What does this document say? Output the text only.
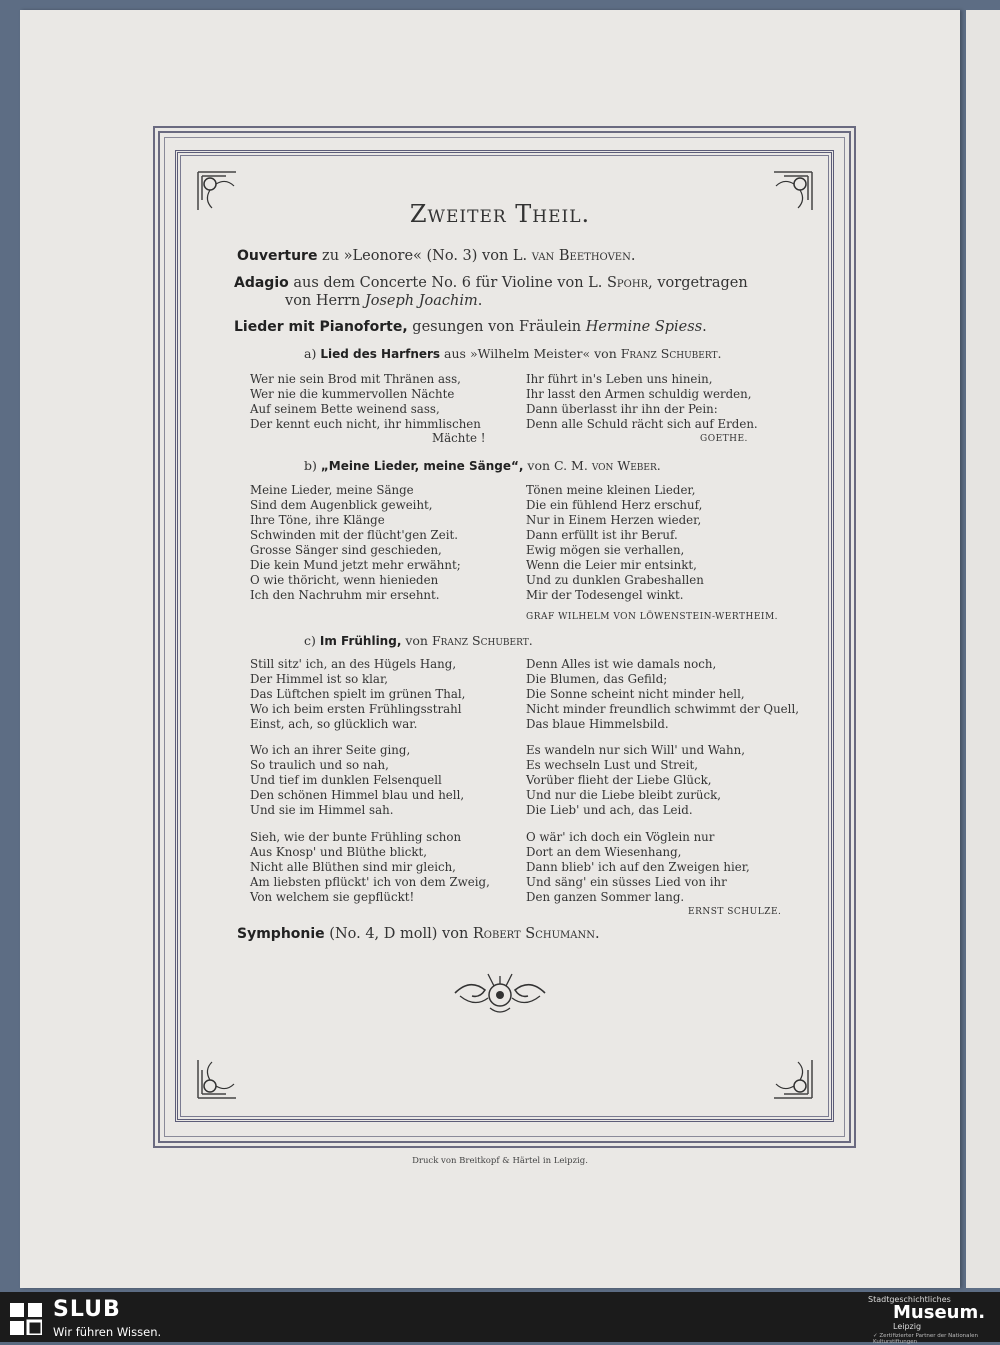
Zweiter Theil.
Ouverture zu »Leonore« (No. 3) von L. van Beethoven.
Adagio aus dem Concerte No. 6 für Violine von L. Spohr, vorgetragen
von Herrn Joseph Joachim.
Lieder mit Pianoforte, gesungen von Fräulein Hermine Spiess.
a) Lied des Harfners aus »Wilhelm Meister« von Franz Schubert.
Wer nie sein Brod mit Thränen ass,
Wer nie die kummervollen Nächte
Auf seinem Bette weinend sass,
Der kennt euch nicht, ihr himmlischen
Mächte !
Ihr führt in's Leben uns hinein,
Ihr lasst den Armen schuldig werden,
Dann überlasst ihr ihn der Pein:
Denn alle Schuld rächt sich auf Erden.
GOETHE.
b) „Meine Lieder, meine Sänge“, von C. M. von Weber.
Meine Lieder, meine Sänge
Sind dem Augenblick geweiht,
Ihre Töne, ihre Klänge
Schwinden mit der flücht'gen Zeit.
Grosse Sänger sind geschieden,
Die kein Mund jetzt mehr erwähnt;
O wie thöricht, wenn hienieden
Ich den Nachruhm mir ersehnt.
Tönen meine kleinen Lieder,
Die ein fühlend Herz erschuf,
Nur in Einem Herzen wieder,
Dann erfüllt ist ihr Beruf.
Ewig mögen sie verhallen,
Wenn die Leier mir entsinkt,
Und zu dunklen Grabeshallen
Mir der Todesengel winkt.
GRAF WILHELM VON LÖWENSTEIN-WERTHEIM.
c) Im Frühling, von Franz Schubert.
Still sitz' ich, an des Hügels Hang,
Der Himmel ist so klar,
Das Lüftchen spielt im grünen Thal,
Wo ich beim ersten Frühlingsstrahl
Einst, ach, so glücklich war.
Denn Alles ist wie damals noch,
Die Blumen, das Gefild;
Die Sonne scheint nicht minder hell,
Nicht minder freundlich schwimmt der Quell,
Das blaue Himmelsbild.
Wo ich an ihrer Seite ging,
So traulich und so nah,
Und tief im dunklen Felsenquell
Den schönen Himmel blau und hell,
Und sie im Himmel sah.
Es wandeln nur sich Will' und Wahn,
Es wechseln Lust und Streit,
Vorüber flieht der Liebe Glück,
Und nur die Liebe bleibt zurück,
Die Lieb' und ach, das Leid.
Sieh, wie der bunte Frühling schon
Aus Knosp' und Blüthe blickt,
Nicht alle Blüthen sind mir gleich,
Am liebsten pflückt' ich von dem Zweig,
Von welchem sie gepflückt!
O wär' ich doch ein Vöglein nur
Dort an dem Wiesenhang,
Dann blieb' ich auf den Zweigen hier,
Und säng' ein süsses Lied von ihr
Den ganzen Sommer lang.
ERNST SCHULZE.
Symphonie (No. 4, D moll) von Robert Schumann.
Druck von Breitkopf & Härtel in Leipzig.
SLUB
Wir führen Wissen.
Stadtgeschichtliches
Museum.
Leipzig
✓ Zertifizierter Partner der Nationalen Kulturstiftungen
